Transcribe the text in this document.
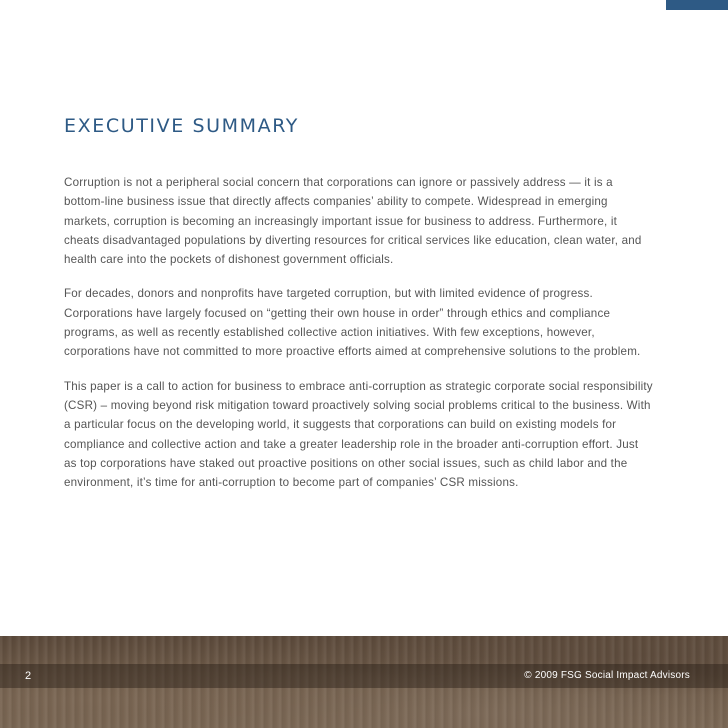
EXECUTIVE SUMMARY

Corruption is not a peripheral social concern that corporations can ignore or passively address — it is a bottom-line business issue that directly affects companies’ ability to compete. Widespread in emerging markets, corruption is becoming an increasingly important issue for business to address. Furthermore, it cheats disadvantaged populations by diverting resources for critical services like education, clean water, and health care into the pockets of dishonest government officials.

For decades, donors and nonprofits have targeted corruption, but with limited evidence of progress. Corporations have largely focused on “getting their own house in order” through ethics and compliance programs, as well as recently established collective action initiatives. With few exceptions, however, corporations have not committed to more proactive efforts aimed at comprehensive solutions to the problem.

This paper is a call to action for business to embrace anti-corruption as strategic corporate social responsibility (CSR) – moving beyond risk mitigation toward proactively solving social problems critical to the business. With a particular focus on the developing world, it suggests that corporations can build on existing models for compliance and collective action and take a greater leadership role in the broader anti-corruption effort. Just as top corporations have staked out proactive positions on other social issues, such as child labor and the environment, it’s time for anti-corruption to become part of companies’ CSR missions.

2	© 2009 FSG Social Impact Advisors
